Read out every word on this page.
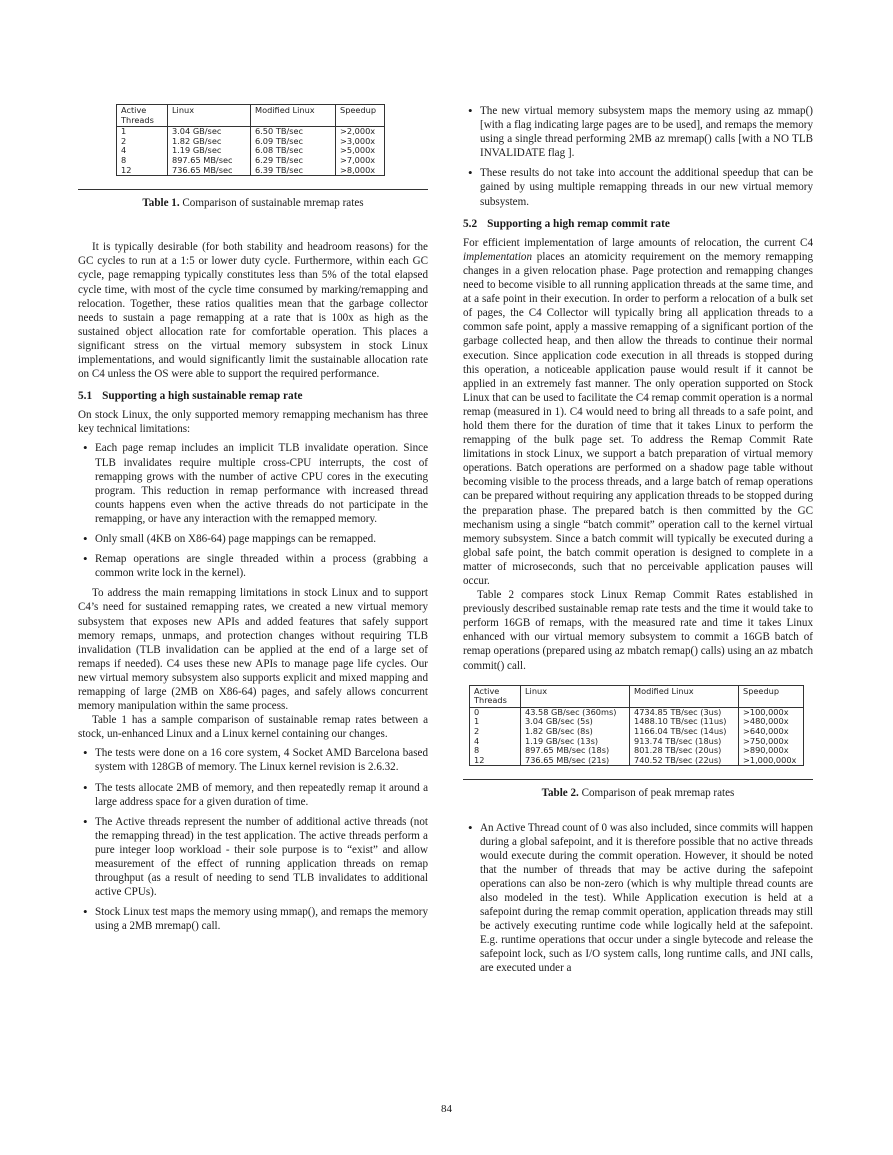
Active Threads	Linux	Modified Linux	Speedup
1	3.04 GB/sec	6.50 TB/sec	>2,000x
2	1.82 GB/sec	6.09 TB/sec	>3,000x
4	1.19 GB/sec	6.08 TB/sec	>5,000x
8	897.65 MB/sec	6.29 TB/sec	>7,000x
12	736.65 MB/sec	6.39 TB/sec	>8,000x
Table 1. Comparison of sustainable mremap rates

It is typically desirable (for both stability and headroom reasons) for the GC cycles to run at a 1:5 or lower duty cycle. Furthermore, within each GC cycle, page remapping typically constitutes less than 5% of the total elapsed cycle time, with most of the cycle time consumed by marking/remapping and relocation. Together, these ratios qualities mean that the garbage collector needs to sustain a page remapping at a rate that is 100x as high as the sustained object allocation rate for comfortable operation. This places a significant stress on the virtual memory subsystem in stock Linux implementations, and would significantly limit the sustainable allocation rate on C4 unless the OS were able to support the required performance.

5.1 Supporting a high sustainable remap rate

On stock Linux, the only supported memory remapping mechanism has three key technical limitations:

• Each page remap includes an implicit TLB invalidate operation. Since TLB invalidates require multiple cross-CPU interrupts, the cost of remapping grows with the number of active CPU cores in the executing program. This reduction in remap performance with increased thread counts happens even when the active threads do not participate in the remapping, or have any interaction with the remapped memory.
• Only small (4KB on X86-64) page mappings can be remapped.
• Remap operations are single threaded within a process (grabbing a common write lock in the kernel).

To address the main remapping limitations in stock Linux and to support C4’s need for sustained remapping rates, we created a new virtual memory subsystem that exposes new APIs and added features that safely support memory remaps, unmaps, and protection changes without requiring TLB invalidation (TLB invalidation can be applied at the end of a large set of remaps if needed). C4 uses these new APIs to manage page life cycles. Our new virtual memory subsystem also supports explicit and mixed mapping and remapping of large (2MB on X86-64) pages, and safely allows concurrent memory manipulation within the same process.

Table 1 has a sample comparison of sustainable remap rates between a stock, un-enhanced Linux and a Linux kernel containing our changes.

• The tests were done on a 16 core system, 4 Socket AMD Barcelona based system with 128GB of memory. The Linux kernel revision is 2.6.32.
• The tests allocate 2MB of memory, and then repeatedly remap it around a large address space for a given duration of time.
• The Active threads represent the number of additional active threads (not the remapping thread) in the test application. The active threads perform a pure integer loop workload - their sole purpose is to “exist” and allow measurement of the effect of running application threads on remap throughput (as a result of needing to send TLB invalidates to additional active CPUs).
• Stock Linux test maps the memory using mmap(), and remaps the memory using a 2MB mremap() call.
• The new virtual memory subsystem maps the memory using az mmap() [with a flag indicating large pages are to be used], and remaps the memory using a single thread performing 2MB az mremap() calls [with a NO TLB INVALIDATE flag ].
• These results do not take into account the additional speedup that can be gained by using multiple remapping threads in our new virtual memory subsystem.
5.2 Supporting a high remap commit rate

For efficient implementation of large amounts of relocation, the current C4 implementation places an atomicity requirement on the memory remapping changes in a given relocation phase. Page protection and remapping changes need to become visible to all running application threads at the same time, and at a safe point in their execution. In order to perform a relocation of a bulk set of pages, the C4 Collector will typically bring all application threads to a common safe point, apply a massive remapping of a significant portion of the garbage collected heap, and then allow the threads to continue their normal execution. Since application code execution in all threads is stopped during this operation, a noticeable application pause would result if it cannot be applied in an extremely fast manner. The only operation supported on Stock Linux that can be used to facilitate the C4 remap commit operation is a normal remap (measured in 1). C4 would need to bring all threads to a safe point, and hold them there for the duration of time that it takes Linux to perform the remapping of the bulk page set. To address the Remap Commit Rate limitations in stock Linux, we support a batch preparation of virtual memory operations. Batch operations are performed on a shadow page table without becoming visible to the process threads, and a large batch of remap operations can be prepared without requiring any application threads to be stopped during the preparation phase. The prepared batch is then committed by the GC mechanism using a single “batch commit” operation call to the kernel virtual memory subsystem. Since a batch commit will typically be executed during a global safe point, the batch commit operation is designed to complete in a matter of microseconds, such that no perceivable application pauses will occur.

Table 2 compares stock Linux Remap Commit Rates established in previously described sustainable remap rate tests and the time it would take to perform 16GB of remaps, with the measured rate and time it takes Linux enhanced with our virtual memory subsystem to commit a 16GB batch of remap operations (prepared using az mbatch remap() calls) using an az mbatch commit() call.

Active Threads	Linux	Modified Linux	Speedup
0	43.58 GB/sec (360ms)	4734.85 TB/sec (3us)	>100,000x
1	3.04 GB/sec (5s)	1488.10 TB/sec (11us)	>480,000x
2	1.82 GB/sec (8s)	1166.04 TB/sec (14us)	>640,000x
4	1.19 GB/sec (13s)	913.74 TB/sec (18us)	>750,000x
8	897.65 MB/sec (18s)	801.28 TB/sec (20us)	>890,000x
12	736.65 MB/sec (21s)	740.52 TB/sec (22us)	>1,000,000x
Table 2. Comparison of peak mremap rates
• An Active Thread count of 0 was also included, since commits will happen during a global safepoint, and it is therefore possible that no active threads would execute during the commit operation. However, it should be noted that the number of threads that may be active during the safepoint operations can also be non-zero (which is why multiple thread counts are also modeled in the test). While Application execution is held at a safepoint during the remap commit operation, application threads may still be actively executing runtime code while logically held at the safepoint. E.g. runtime operations that occur under a single bytecode and release the safepoint lock, such as I/O system calls, long runtime calls, and JNI calls, are executed under a
84
